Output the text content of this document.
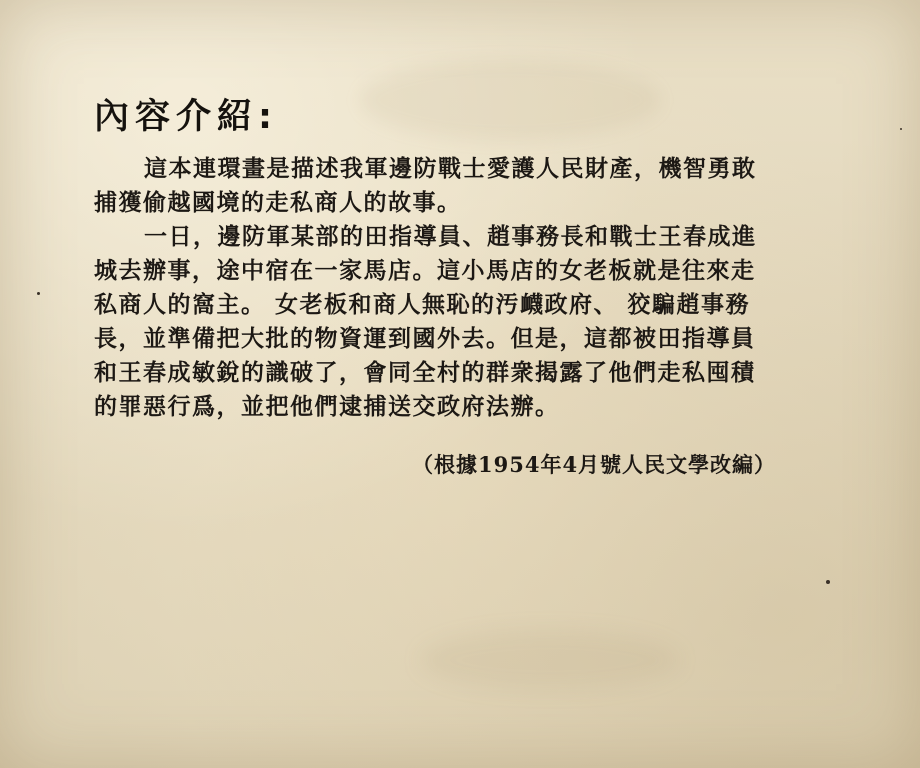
內容介紹:
這本連環畫是描述我軍邊防戰士愛護人民財產，機智勇敢
捕獲偷越國境的走私商人的故事。
一日，邊防軍某部的田指導員、趙事務長和戰士王春成進
城去辦事，途中宿在一家馬店。這小馬店的女老板就是往來走
私商人的窩主。 女老板和商人無恥的汚衊政府、 狡騙趙事務
長，並準備把大批的物資運到國外去。但是，這都被田指導員
和王春成敏銳的識破了，會同全村的群衆揭露了他們走私囤積
的罪惡行爲，並把他們逮捕送交政府法辦。

（根據1954年4月號人民文學改編）
